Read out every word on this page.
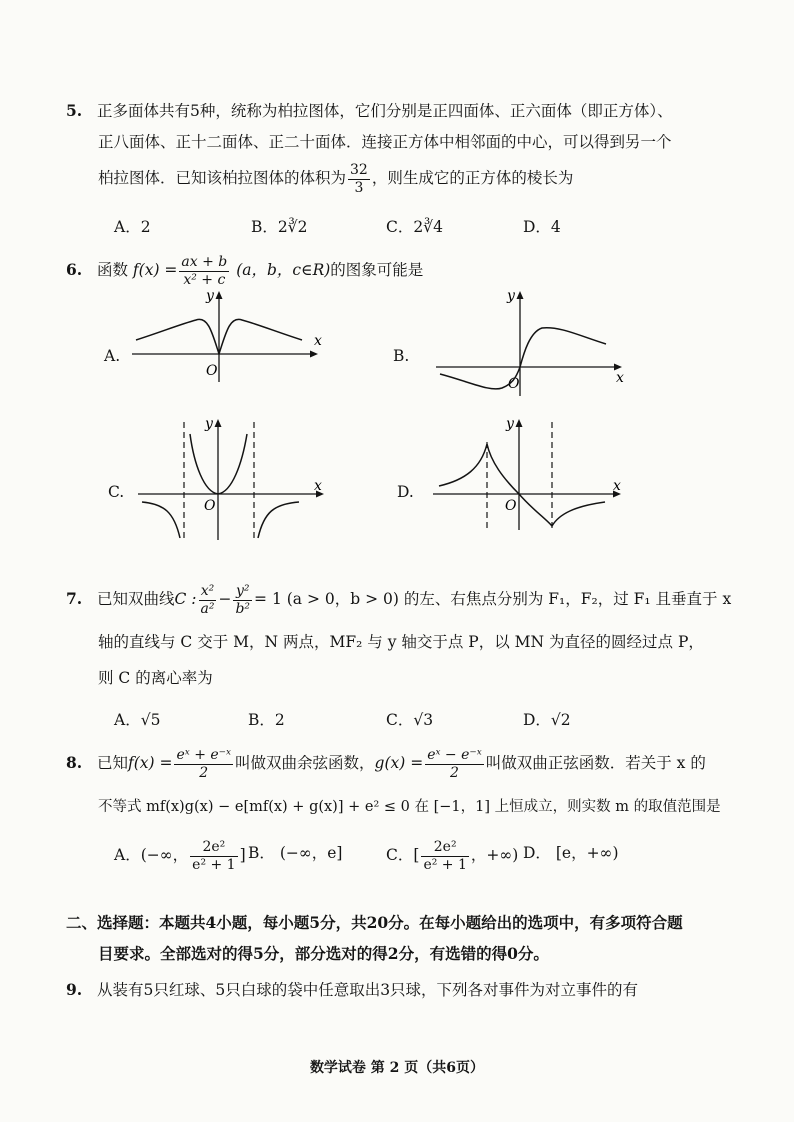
5. 正多面体共有5种，统称为柏拉图体，它们分别是正四面体、正六面体（即正方体）、
正八面体、正十二面体、正二十面体．连接正方体中相邻面的中心，可以得到另一个
柏拉图体．已知该柏拉图体的体积为 $\frac{32}{3}$ ，则生成它的正方体的棱长为
A．2	B．2∛2	C．2∛4	D．4
6. 函数 $f(x) = \frac{ax + b}{\text{x² + c}} (a$，b，c∈R)的图象可能是
A.
y
x
O
B.
y
x
O
C.
y
x
O
D.
y
x
O
7. 已知双曲线C : $\frac{\text{x²}}{\text{a²}} - \frac{\text{y²}}{\text{b²}} = 1$ (a > 0，b > 0) 的左、右焦点分别为 F₁，F₂，过 F₁ 且垂直于 x
轴的直线与 C 交于 M，N 两点，MF₂ 与 y 轴交于点 P，以 MN 为直径的圆经过点 P，
则 C 的离心率为
A．√5	B．2	C．√3	D．√2
8. 已知$f(x) = \frac{\text{eˣ + e⁻ˣ}}{2}$ 叫做双曲余弦函数，$g(x) = \frac{\text{eˣ − e⁻ˣ}}{2}$ 叫做双曲正弦函数．若关于 x 的
不等式 mf(x)g(x) − e[mf(x) + g(x)] + e² ≤ 0 在 [−1，1] 上恒成立，则实数 m 的取值范围是
A．(−∞， $\frac{\text{2e²}}{\text{e² + 1}}$ ] B． (−∞，e]	C．[ $\frac{\text{2e²}}{\text{e² + 1}}$ ，+∞) D． [e，+∞)
二、选择题：本题共4小题，每小题5分，共20分。在每小题给出的选项中，有多项符合题
目要求。全部选对的得5分，部分选对的得2分，有选错的得0分。
9. 从装有5只红球、5只白球的袋中任意取出3只球，下列各对事件为对立事件的有
数学试卷 第 2 页（共6页）
